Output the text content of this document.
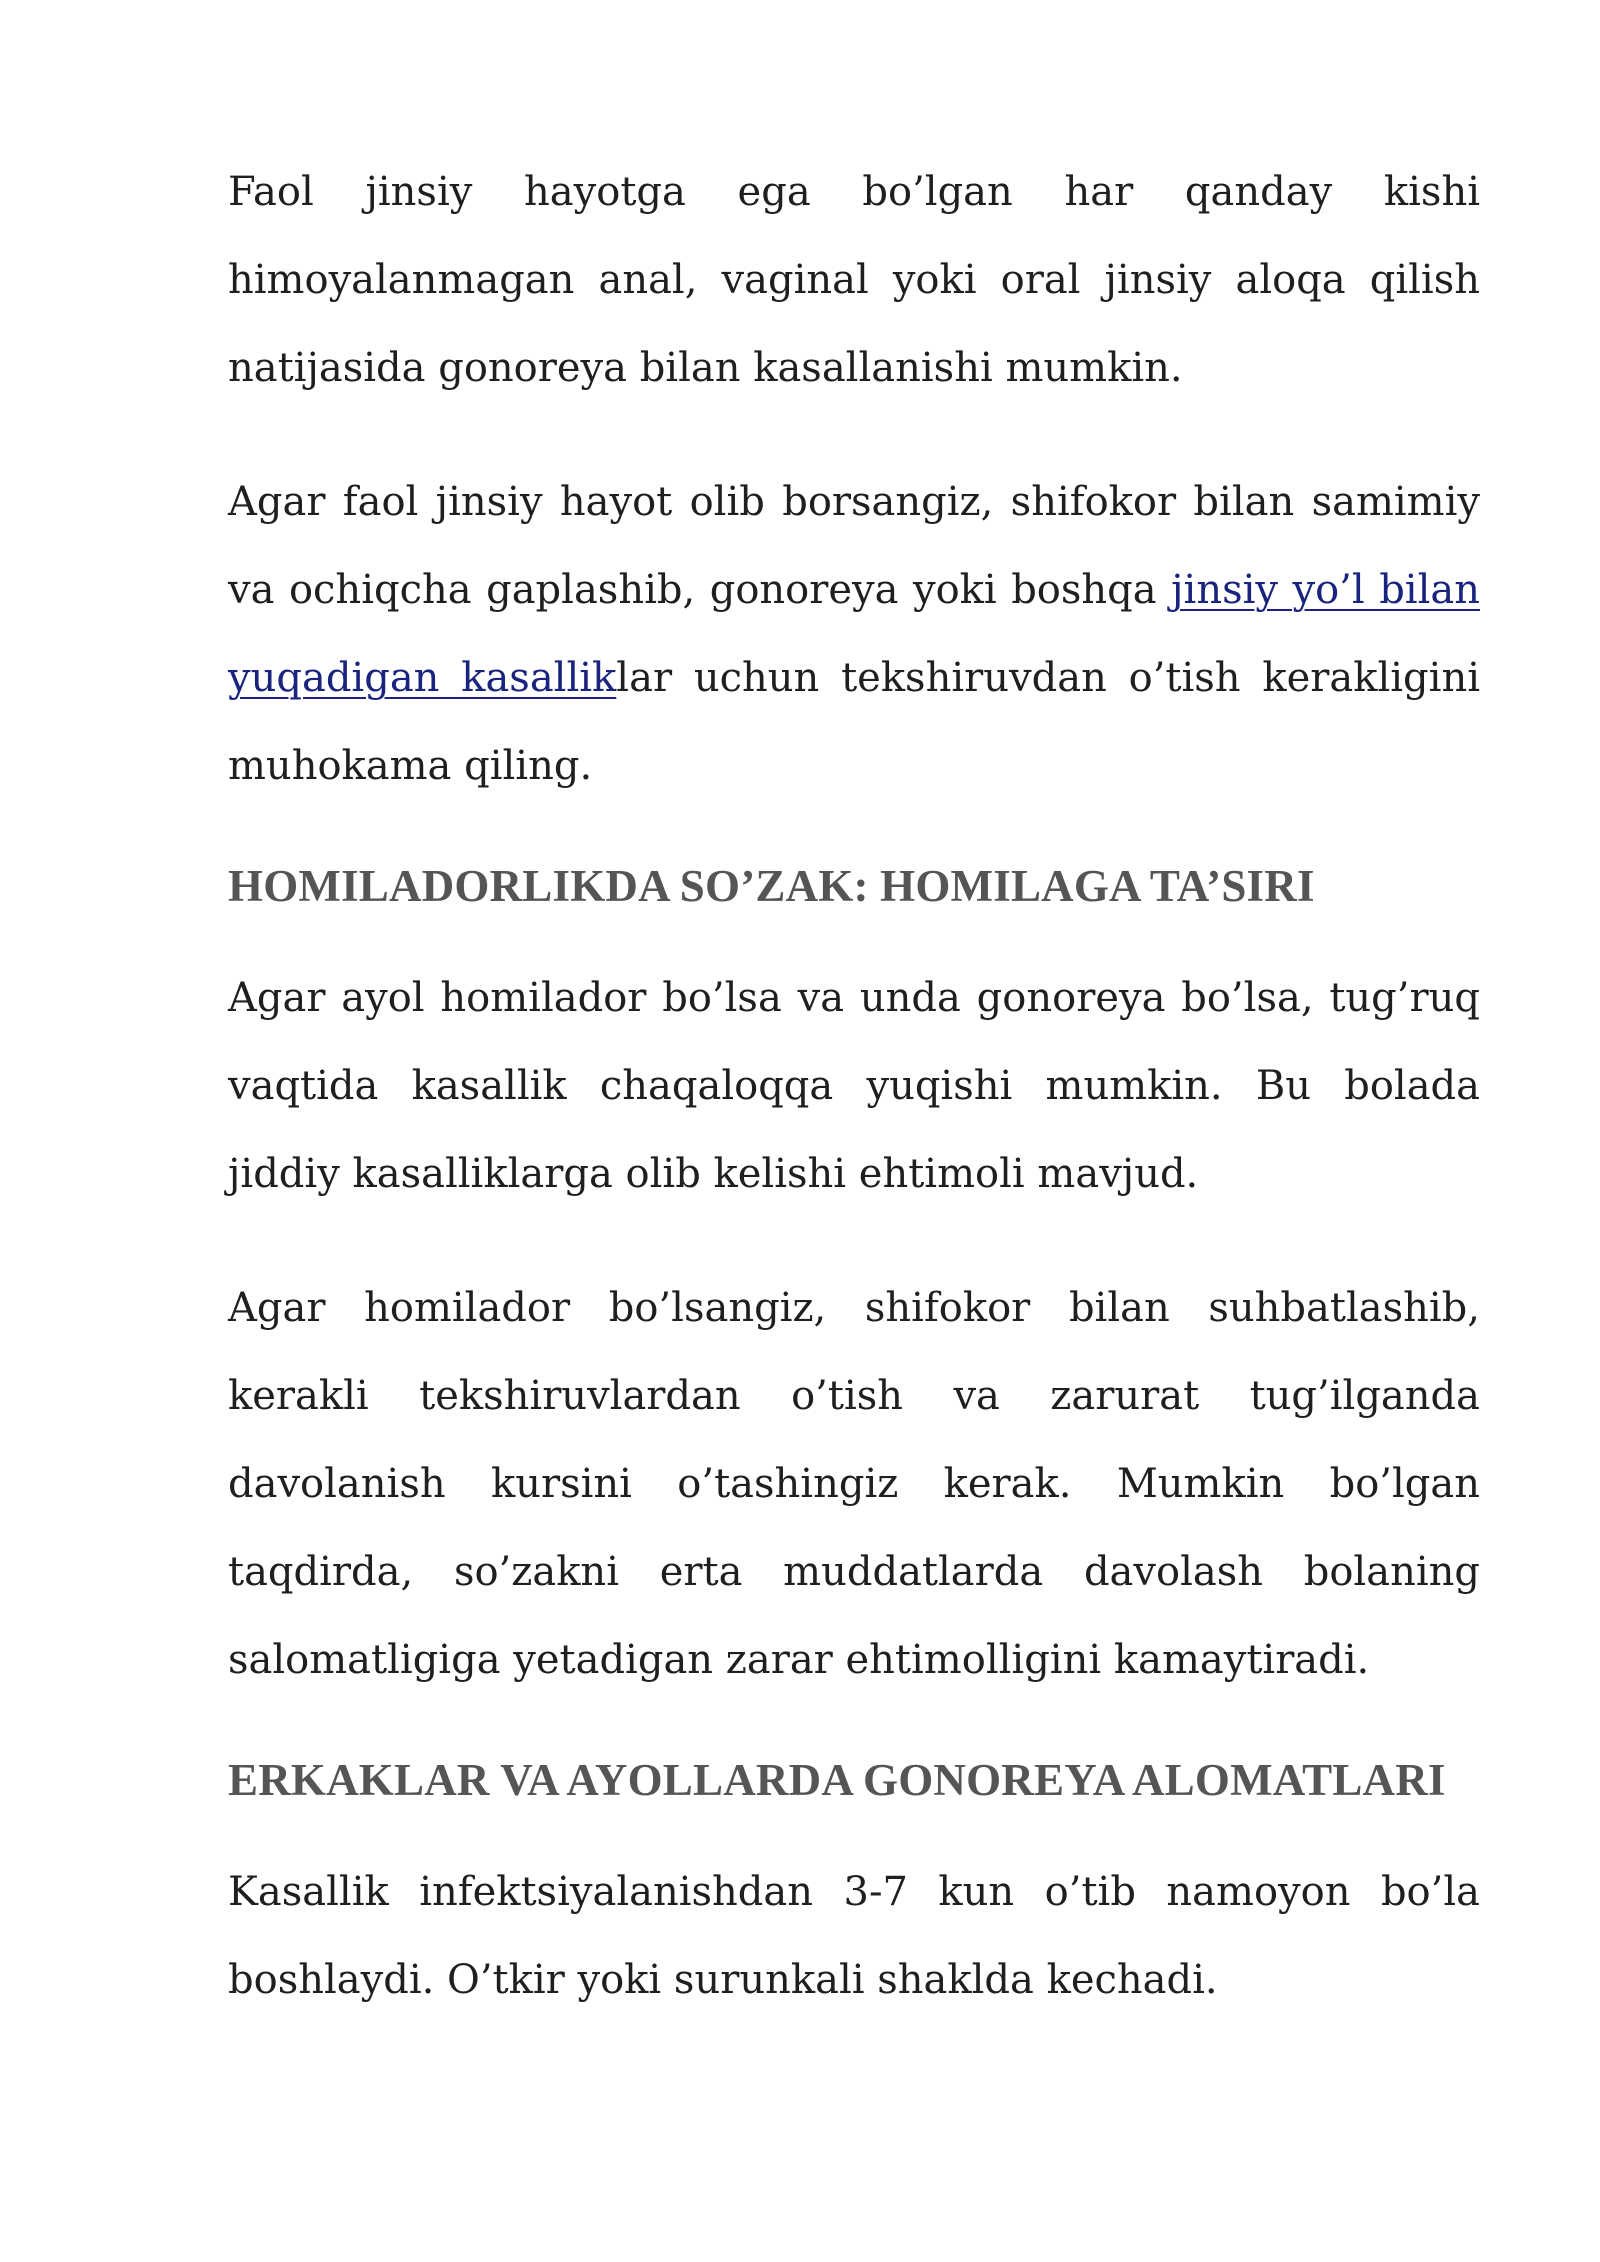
Faol jinsiy hayotga ega bo’lgan har qanday kishi himoyalanmagan anal, vaginal yoki oral jinsiy aloqa qilish natijasida gonoreya bilan kasallanishi mumkin.

Agar faol jinsiy hayot olib borsangiz, shifokor bilan samimiy va ochiqcha gaplashib, gonoreya yoki boshqa jinsiy yo’l bilan yuqadigan kasalliklar uchun tekshiruvdan o’tish kerakligini muhokama qiling.

HOMILADORLIKDA SO’ZAK: HOMILAGA TA’SIRI

Agar ayol homilador bo’lsa va unda gonoreya bo’lsa, tug’ruq vaqtida kasallik chaqaloqqa yuqishi mumkin. Bu bolada jiddiy kasalliklarga olib kelishi ehtimoli mavjud.

Agar homilador bo’lsangiz, shifokor bilan suhbatlashib, kerakli tekshiruvlardan o’tish va zarurat tug’ilganda davolanish kursini o’tashingiz kerak. Mumkin bo’lgan taqdirda, so’zakni erta muddatlarda davolash bolaning salomatligiga yetadigan zarar ehtimolligini kamaytiradi.

ERKAKLAR VA AYOLLARDA GONOREYA ALOMATLARI

Kasallik infektsiyalanishdan 3-7 kun o’tib namoyon bo’la boshlaydi. O’tkir yoki surunkali shaklda kechadi.
